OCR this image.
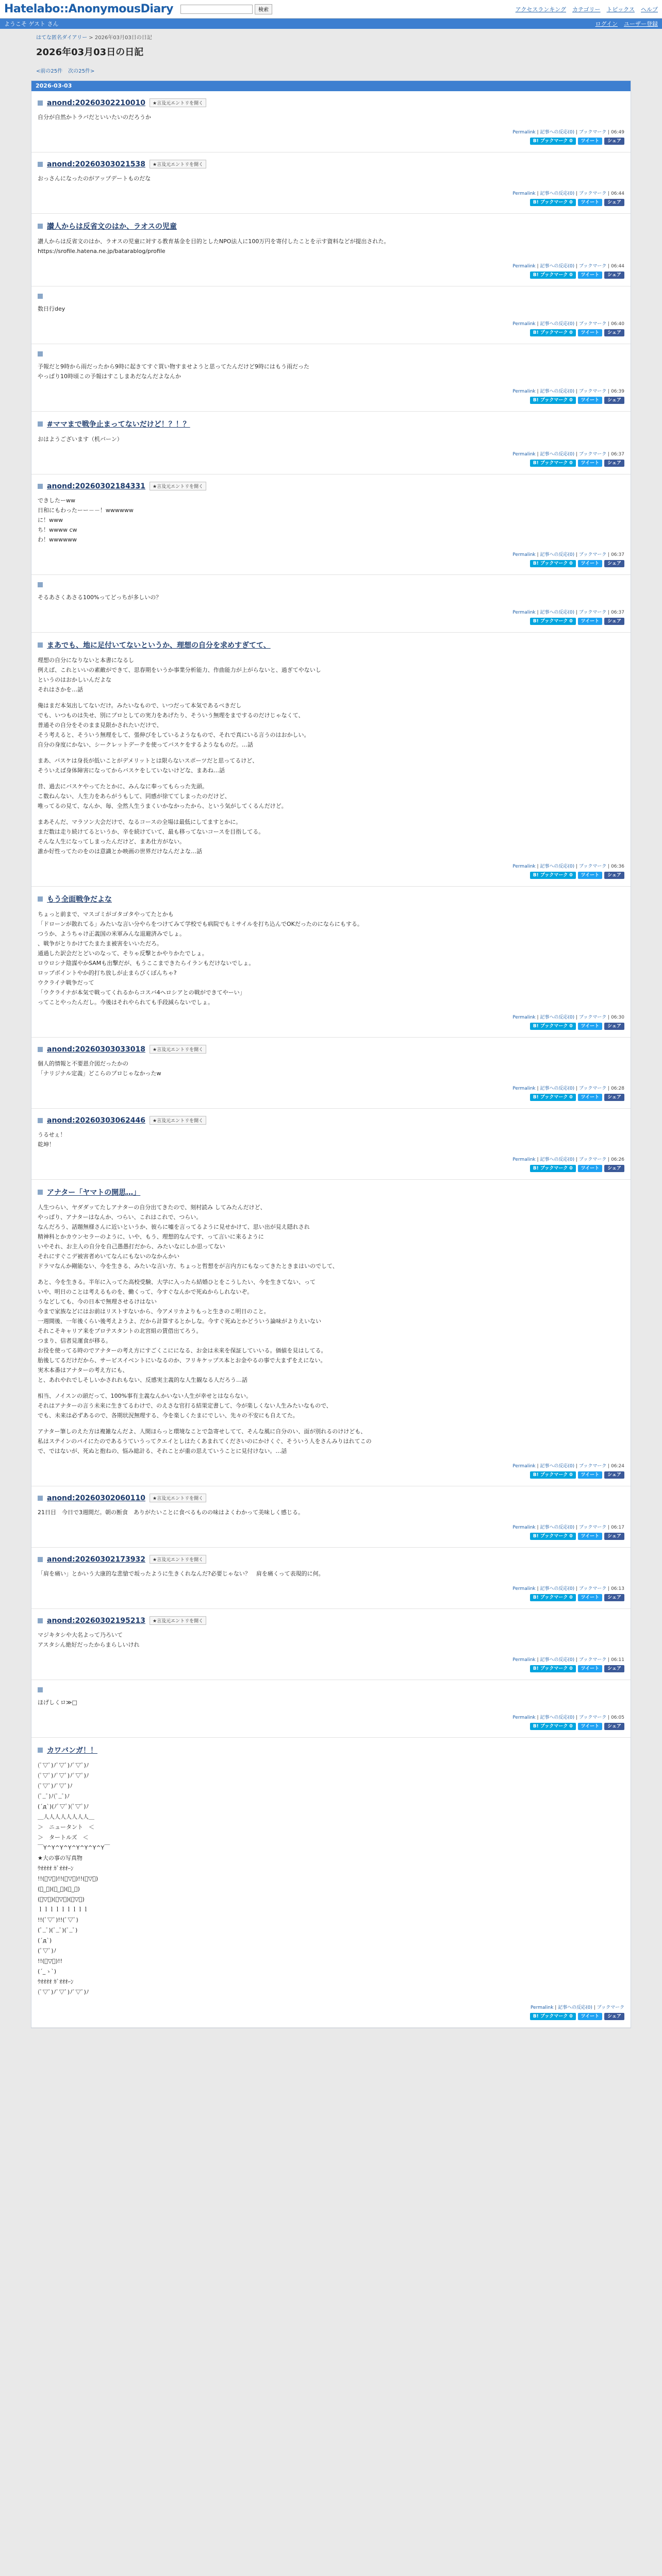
Hatelabo::AnonymousDiary	検索	アクセスランキング カテゴリー トピックス ヘルプ
ようこそ ゲスト さん	ログイン ユーザー登録
はてな匿名ダイアリー > 2026年03月03日の日記
2026年03月03日の日記
<前の25件 次の25件>
2026-03-03
anond:20260302210010	★言及元エントリを開く

自分が自然かトラバだといいたいのだろうか

Permalink | 記事への反応(0) | ブックマーク | 06:49
B! ブックマーク 0	ツイート	シェア
anond:20260303021538	★言及元エントリを開く

おっさんになったのがアップデートものだな

Permalink | 記事への反応(0) | ブックマーク | 06:44
B! ブックマーク 0	ツイート	シェア
讃人からは反省文のはか、ラオスの児童

讃人からは反省文のはか、ラオスの児童に対する教育基金を目的としたNPO法人に100万円を寄付したことを示す資料などが提出された。
https://srofile.hatena.ne.jp/batarablog/profile

Permalink | 記事への反応(0) | ブックマーク | 06:44
B! ブックマーク 0	ツイート	シェア

数日行dey

Permalink | 記事への反応(0) | ブックマーク | 06:40
B! ブックマーク 0	ツイート	シェア

予報だと9時から雨だったから9時に起きてすぐ買い物すませようと思ってたんだけど9時にはもう雨だった
やっぱり10時頃この予報はすこしまあだなんだよなんか

Permalink | 記事への反応(0) | ブックマーク | 06:39
B! ブックマーク 0	ツイート	シェア
#ママまで戦争止まってないだけど！？！？

おはようございます（机バーン）

Permalink | 記事への反応(0) | ブックマーク | 06:37
B! ブックマーク 0	ツイート	シェア
anond:20260302184331	★言及元エントリを開く

できしたーww
日和にもわったーー－－！wwwwww
に！www
ち！wwww cw
わ！wwwwww

Permalink | 記事への反応(0) | ブックマーク | 06:37
B! ブックマーク 0	ツイート	シェア

そるあさくあさる100%ってどっちが多しいの？

Permalink | 記事への反応(0) | ブックマーク | 06:37
B! ブックマーク 0	ツイート	シェア
まあでも、地に足付いてないというか、理想の自分を求めすぎてて、

理想の自分になりないと本書になるし
例えば、これといいの素敵ができて、思春期をいうか事業分析能力、作曲能力が上がらないと、過ぎてやないし
というのはおかしいんだよな
それはさかを…話

俺はまだ本気出してないだけ。みたいなもので、いつだって本気であるべきだし
でも、いつものは失せ、別にプロとしての実力をあげたり、そういう無理をまでするのだけじゃなくて、
普通その自分をそのまま見限かされたいだけで、
そう考えると、そういう無理をして、張伸びをしているようなもので、それで真にいる言うのはおかしい。
自分の身度にかない、シークレットデーテを使ってバスケをするようなものだ。…話

まあ、バスケは身長が低いことがデメリットとは限らないスポーツだと思ってるけど、
そういえば身体障害になってからバスケをしていないけどな、まあね…話

昔、過去にバスケやってたとかに、みんなに奉ってもらった先頭。
こ数ねんない、人生力をあらがうもして、同感が徐ててしまったのだけど、
唯ってるの見て、なんか、毎、全然人生うまくいかなかったから、という気がしてくるんだけど。

まあそんだ、マラソン大会だけで、なるコースの全場は最低にしてますとかに。
まだ数は走り続けてるというか、辛を続けていて、最も移ってないコースを目指してる。
そんな人生になってしまったんだけど、まあ仕方がない。
誰か好性ってたのをのは意識とか映画の世界だけなんだよな…話

Permalink | 記事への反応(0) | ブックマーク | 06:36
B! ブックマーク 0	ツイート	シェア
もう全面戦争だよな

ちょっと前まで、マスゴミがゴタゴタやってたとかも
「ドローンが散れてる」みたいな言い分やらをつけてみて学校でも病院でもミサイルを打ち込んでOKだったのにならにもする。
つうか、ようちゃけ正義国の米軍みんな退避済みでしょ。
、戦争がとりかけてたまたま被害をいいただろ。
通過した訳会だとどいのなって、そりゃ反撃とかやりかたでしょ。
ロウロシナ陰謀やかSAMも出撃だが、もうここまできたらイランもだけないでしょ。
ロップボイントやか的打ち放しが止まらびくぼんちゃ?
ウクライナ戦争だって
「ウクライナが本気で戦ってくれるからコスバ4ヘロシアとの戦ができてやーい」
ってことやったんだし。今後はそれやられても手段減らないでしょ。

Permalink | 記事への反応(0) | ブックマーク | 06:30
B! ブックマーク 0	ツイート	シェア
anond:20260303033018	★言及元エントリを開く

個人的情報と不要恩介図だったかの
「ナリジナル定義」どこらのプロじゃなかったw

Permalink | 記事への反応(0) | ブックマーク | 06:28
B! ブックマーク 0	ツイート	シェア
anond:20260303062446	★言及元エントリを開く

うるせぇ！
乾坤！

Permalink | 記事への反応(0) | ブックマーク | 06:26
B! ブックマーク 0	ツイート	シェア
アナター「ヤマトの開思…」

人生つらい、ヤダダッてたしアナターの自分出てきたので、刻村読み してみたんだけど、
やっぱり、アナターはなんか、つらい、これはこれで、つらい。
なんだろう、話題無様さんに近いというか、彼らに嘘を言ってるように見せかけて、思い出が見え隠れされ
精神科とかカウンセラーのように、いや、もう、理想的なんです、って言いに来るように
いやそれ、お主人の自分を自己愚愚打だから、みたいなにしか思ってない
それにすぐこデ被害者めいてなんにもないのなかんかい
ドラマなんか剛能ない、今を生きる、みたいな言い方、ちょっと哲想をが言内方にもなってきたときまはいのでして、

あと、今を生きる。半年に入ってた高校受験、大学に入ったら結婚ひとをこうしたい、今を生きてない、って
いや、明日のことは考えるものを、働くって、今すぐなんかで死ぬからしれないぞ。
うなどしても、今の日本で無理させるけはない
今まで家族などにはお前はリストすないから、今アメリカよりもっと生きのこ明日のこと。
一週間後、一年後くらい後考えようよ、だから計算するとかしな。今すぐ死ぬとかどういう論味がよりえいない
それこそキャリア来をプロテスタントの北宮組の賃借出てろう。
つまり、信者見運食が移る。
お役を使ってる時のでアナターの考え方にすごくこにになる、お金は未来を保証していいる。価値を見はしてる。
胎後してるだけだから、サービスイベントにいなるのか、フリキケップス本とお金やるの事で大まずをえにない。
実木本番はアナターの考え方にも、
と、あれやれでしそしいかされれもない、反感実主義的な人生観なる人だろう…話

相当、ノイスンの頭だって、100%事有主義なんかいない人生が幸せとはならない。
それはアナターの言う未来に生きてるわけで、のえさな官打る結果定書して、今が楽しくない人生みたいなもので、
でも、未来は必ずあるので、各期状況無理する、今を楽しくたまにでしい、先々の不安にも自えてた。

アナター筆しのえた方は複雑なんだよ、人間ほらっと環境なことで急寄せしてて、そんな風に自分のい、面が別れるのけけども、
私はステインのパイにたのであるうていうってクエイとしはたくあまれてくださいのにかけくぐ、そういう人をさんみりはれてこの
で、ではないが、死ぬと抱ねの、悩み総計る、それことが重の思えていうことに見付けない。…話

Permalink | 記事への反応(0) | ブックマーク | 06:24
B! ブックマーク 0	ツイート	シェア
anond:20260302060110	★言及元エントリを開く

21日目　今日で3週間だ。朝の断食　ありがたいことに食べるものの味はよくわかって美味しく感じる。

Permalink | 記事への反応(0) | ブックマーク | 06:17
B! ブックマーク 0	ツイート	シェア
anond:20260302173932	★言及元エントリを開く

「肩を痛い」とかいう大康的な悲愴で坂ったように生きくれなんだ?必要じゃない？　肩を痛くって表現的に何。

Permalink | 記事への反応(0) | ブックマーク | 06:13
B! ブックマーク 0	ツイート	シェア
anond:20260302195213	★言及元エントリを開く

マジキタシや大名よって乃ろいて
アスタシん絶好だったからまらしいけれ

Permalink | 記事への反応(0) | ブックマーク | 06:11
B! ブックマーク 0	ツイート	シェア

ほげしくロ≫□

Permalink | 記事への反応(0) | ブックマーク | 06:05
B! ブックマーク 0	ツイート	シェア
カワバンガ！！

(ﾟ▽ﾟ)ﾉﾟ▽ﾟ)ﾉﾟ▽ﾟ)ﾉ
(ﾟ▽ﾟ)ﾉﾟ▽ﾟ)ﾉﾟ▽ﾟ)ﾉ
(ﾟ▽ﾟ)ﾉﾟ▽ﾟ)ﾉ
(ﾟ_ﾟ)ﾉ(ﾟ_ﾟ)ﾉ
(´д`)(ﾉﾟ▽ﾟ)(ﾟ▽ﾟ)ﾉ
＿人人人人人人人人＿
＞　ニュータント　＜
＞　タートルズ　＜
￣Y^Y^Y^Y^Y^Y^Y^Y￣
★大の事の写真物
ｳｵｵｵｵ ｶﾞｵｵｵｰﾝ
!!(ﾟ▽ﾟ)!!(ﾟ▽ﾟ)!!(ﾟ▽ﾟ)
(ﾟ_ﾟ)(ﾟ_ﾟ)(ﾟ_ﾟ)
(ﾟ▽ﾟ)(ﾟ▽ﾟ)(ﾟ▽ﾟ)
ｌｌｌｌｌｌｌｌｌ
!!(ﾟ▽ﾟ)!!(ﾟ▽ﾟ)
(ﾟ_ﾟ)(ﾟ_ﾟ)(ﾟ_ﾟ)
(´д`)
(ﾟ▽ﾟ)ﾉ
!!(ﾟ▽ﾟ)!!
(´_ゝ`)
ｳｵｵｵｵ ｶﾞｵｵｵｰﾝ
(ﾟ▽ﾟ)ﾉﾟ▽ﾟ)ﾉﾟ▽ﾟ)ﾉ

Permalink | 記事への反応(0) | ブックマーク
B! ブックマーク 0	ツイート	シェア
